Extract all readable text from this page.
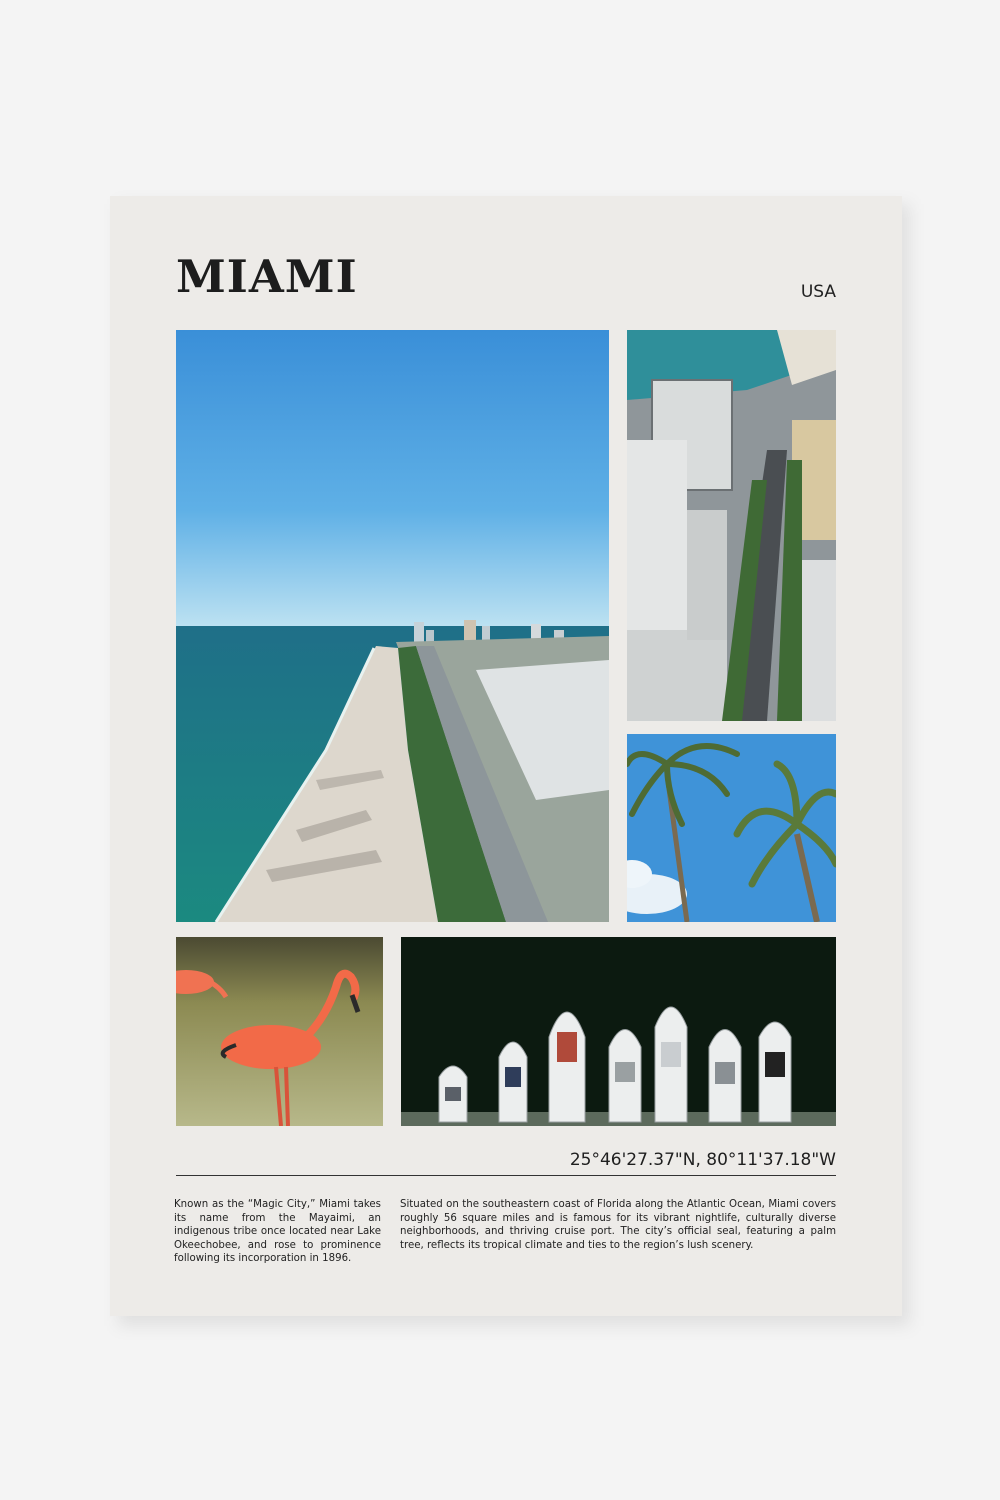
MIAMI	USA
25°46'27.37"N, 80°11'37.18"W

Known as the “Magic City,” Miami takes its name from the Mayaimi, an indigenous tribe once located near Lake Okeechobee, and rose to prominence following its incorporation in 1896.

Situated on the southeastern coast of Florida along the Atlantic Ocean, Miami covers roughly 56 square miles and is famous for its vibrant nightlife, culturally diverse neighborhoods, and thriving cruise port. The city’s official seal, featuring a palm tree, reflects its tropical climate and ties to the region’s lush scenery.
